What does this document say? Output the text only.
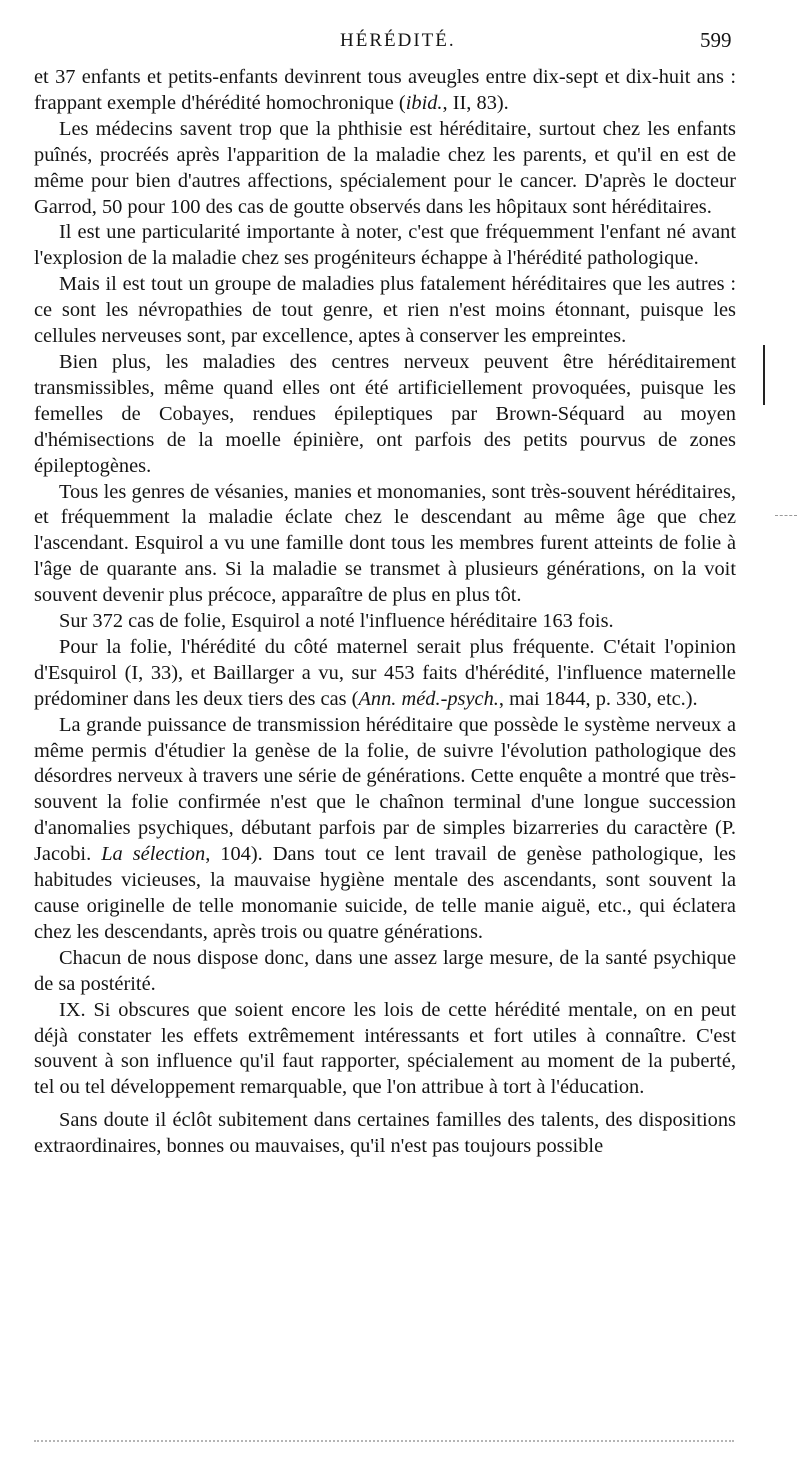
HÉRÉDITÉ.	599

et 37 enfants et petits-enfants devinrent tous aveugles entre dix-sept et dix-huit ans : frappant exemple d'hérédité homochronique (ibid., II, 83).

Les médecins savent trop que la phthisie est héréditaire, surtout chez les enfants puînés, procréés après l'apparition de la maladie chez les parents, et qu'il en est de même pour bien d'autres affections, spécialement pour le cancer. D'après le docteur Garrod, 50 pour 100 des cas de goutte observés dans les hôpitaux sont héréditaires.

Il est une particularité importante à noter, c'est que fréquemment l'enfant né avant l'explosion de la maladie chez ses progéniteurs échappe à l'hérédité pathologique.

Mais il est tout un groupe de maladies plus fatalement héréditaires que les autres : ce sont les névropathies de tout genre, et rien n'est moins étonnant, puisque les cellules nerveuses sont, par excellence, aptes à conserver les empreintes.

Bien plus, les maladies des centres nerveux peuvent être héréditairement transmissibles, même quand elles ont été artificiellement provoquées, puisque les femelles de Cobayes, rendues épileptiques par Brown-Séquard au moyen d'hémisections de la moelle épinière, ont parfois des petits pourvus de zones épileptogènes.

Tous les genres de vésanies, manies et monomanies, sont très-souvent héréditaires, et fréquemment la maladie éclate chez le descendant au même âge que chez l'ascendant. Esquirol a vu une famille dont tous les membres furent atteints de folie à l'âge de quarante ans. Si la maladie se transmet à plusieurs générations, on la voit souvent devenir plus précoce, apparaître de plus en plus tôt.

Sur 372 cas de folie, Esquirol a noté l'influence héréditaire 163 fois.

Pour la folie, l'hérédité du côté maternel serait plus fréquente. C'était l'opinion d'Esquirol (I, 33), et Baillarger a vu, sur 453 faits d'hérédité, l'influence maternelle prédominer dans les deux tiers des cas (Ann. méd.-psych., mai 1844, p. 330, etc.).

La grande puissance de transmission héréditaire que possède le système nerveux a même permis d'étudier la genèse de la folie, de suivre l'évolution pathologique des désordres nerveux à travers une série de générations. Cette enquête a montré que très-souvent la folie confirmée n'est que le chaînon terminal d'une longue succession d'anomalies psychiques, débutant parfois par de simples bizarreries du caractère (P. Jacobi. La sélection, 104). Dans tout ce lent travail de genèse pathologique, les habitudes vicieuses, la mauvaise hygiène mentale des ascendants, sont souvent la cause originelle de telle monomanie suicide, de telle manie aiguë, etc., qui éclatera chez les descendants, après trois ou quatre générations.

Chacun de nous dispose donc, dans une assez large mesure, de la santé psychique de sa postérité.

IX. Si obscures que soient encore les lois de cette hérédité mentale, on en peut déjà constater les effets extrêmement intéressants et fort utiles à connaître. C'est souvent à son influence qu'il faut rapporter, spécialement au moment de la puberté, tel ou tel développement remarquable, que l'on attribue à tort à l'éducation.

Sans doute il éclôt subitement dans certaines familles des talents, des dispositions extraordinaires, bonnes ou mauvaises, qu'il n'est pas toujours possible
